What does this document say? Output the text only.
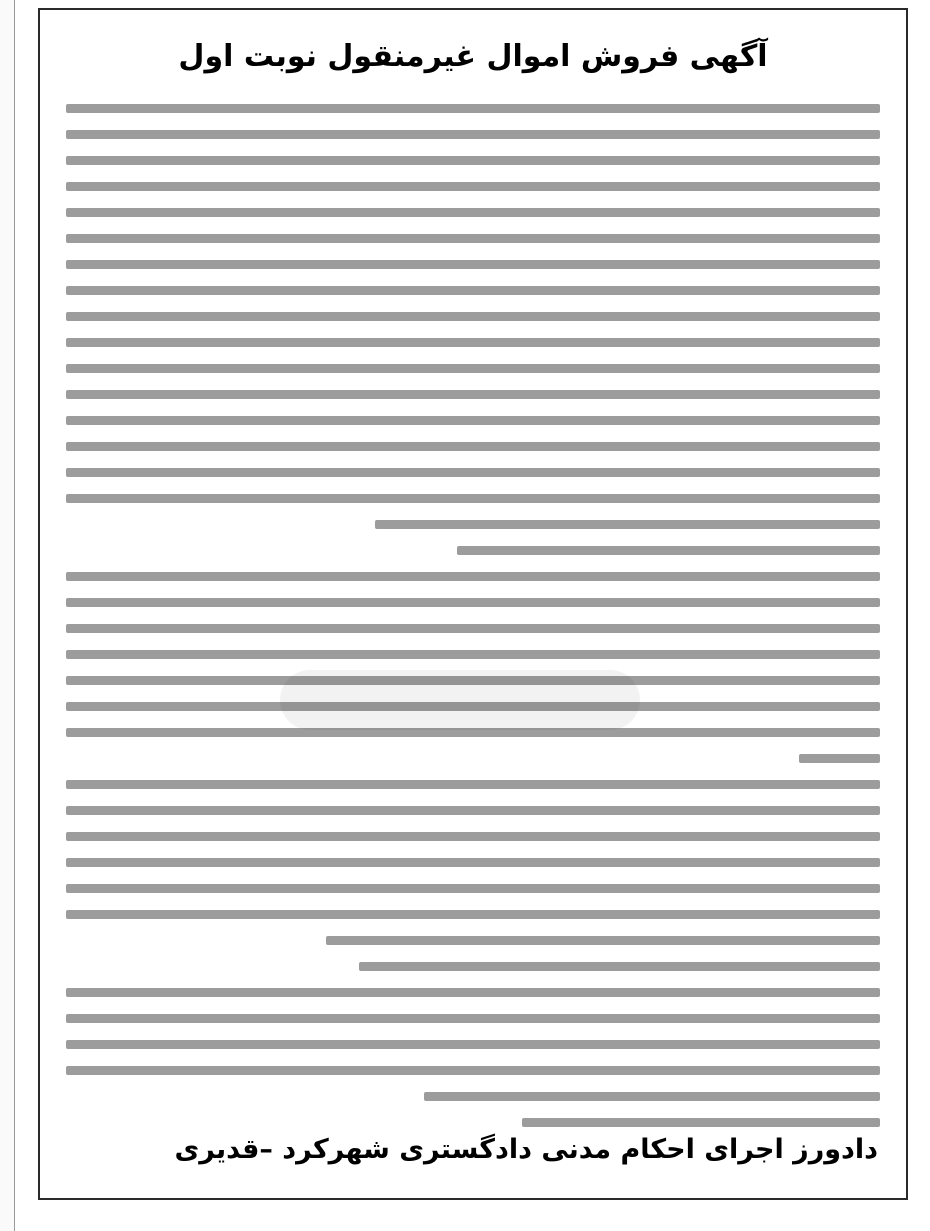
آگهی فروش اموال غیرمنقول نوبت اول

دادورز اجرای احکام مدنی دادگستری شهرکرد –قدیری
